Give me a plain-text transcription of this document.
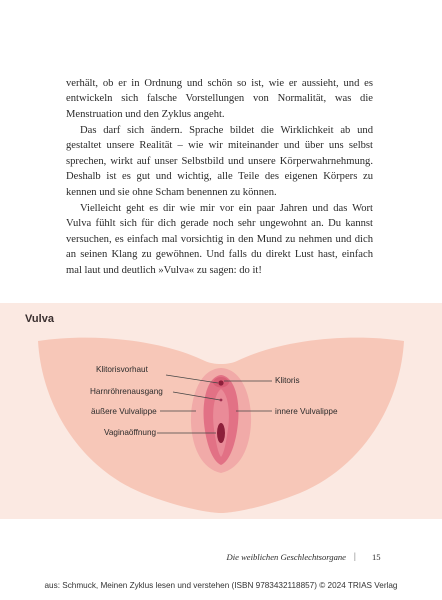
verhält, ob er in Ordnung und schön so ist, wie er aussieht, und es entwickeln sich falsche Vorstellungen von Normalität, was die Menstruation und den Zyklus angeht.

Das darf sich ändern. Sprache bildet die Wirklichkeit ab und gestaltet unsere Realität – wie wir miteinander und über uns selbst sprechen, wirkt auf unser Selbstbild und unsere Körperwahrnehmung. Deshalb ist es gut und wichtig, alle Teile des eigenen Körpers zu kennen und sie ohne Scham benennen zu können.

Vielleicht geht es dir wie mir vor ein paar Jahren und das Wort Vulva fühlt sich für dich gerade noch sehr ungewohnt an. Du kannst versuchen, es einfach mal vorsichtig in den Mund zu nehmen und dich an seinen Klang zu gewöhnen. Und falls du direkt Lust hast, einfach mal laut und deutlich »Vulva« zu sagen: do it!

Vulva
Klitorisvorhaut
Harnröhrenausgang
äußere Vulvalippe
Vaginaöffnung
Klitoris
innere Vulvalippe
Die weiblichen Geschlechtsorgane | 15
aus: Schmuck, Meinen Zyklus lesen und verstehen (ISBN 9783432118857) © 2024 TRIAS Verlag
